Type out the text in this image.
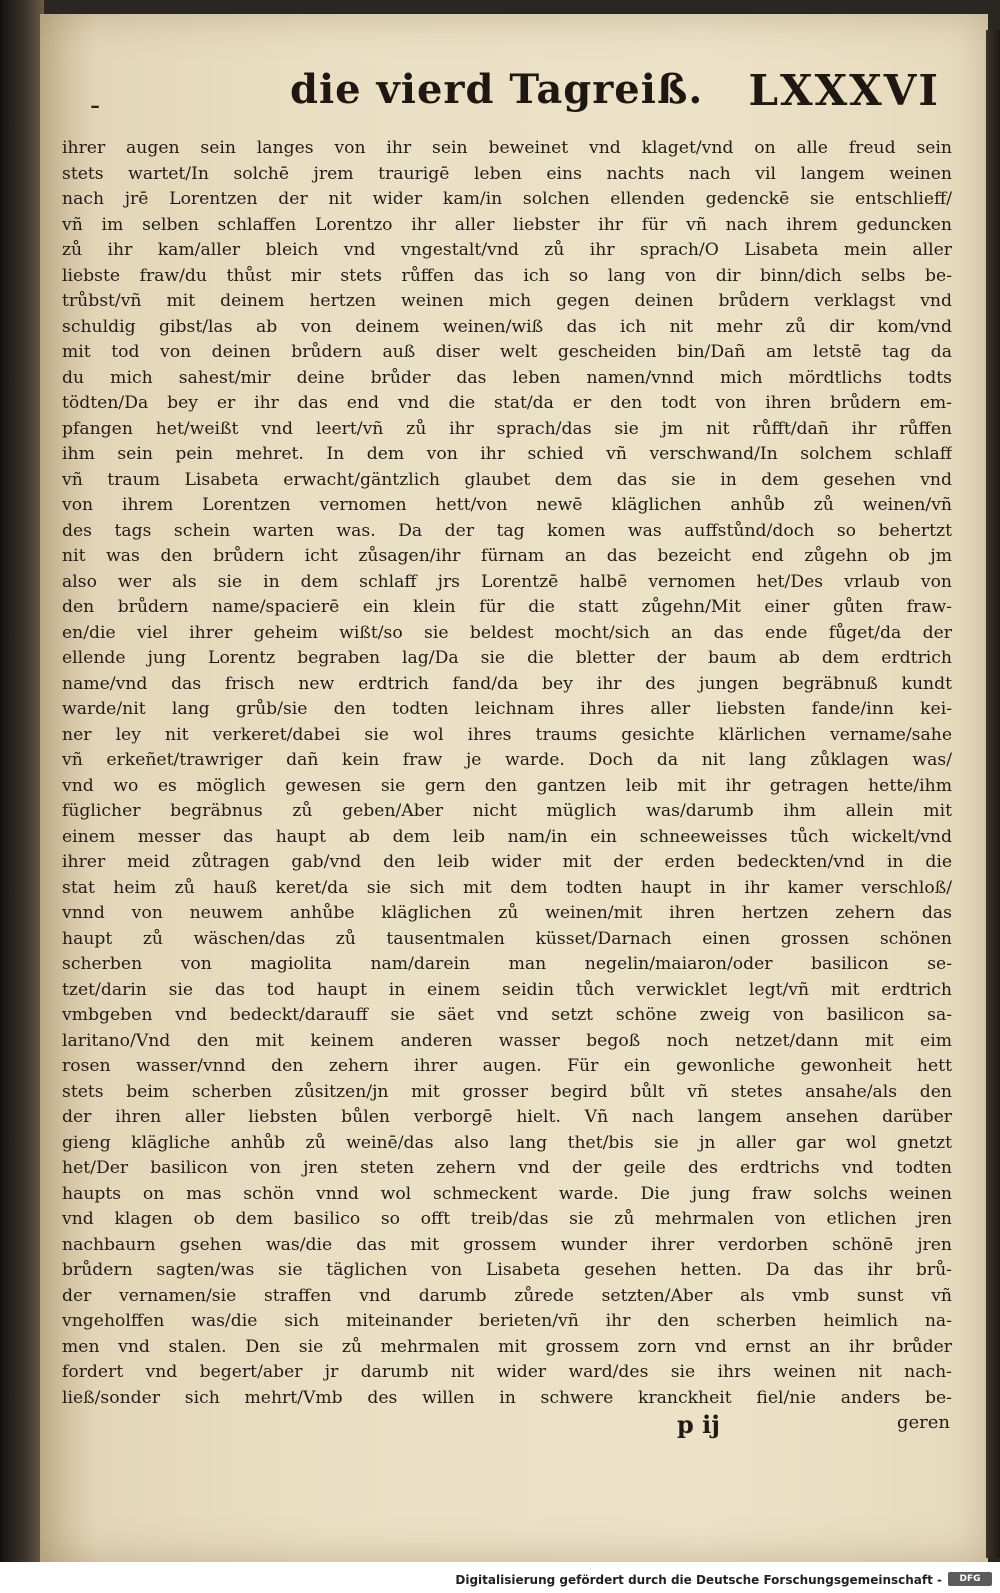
-	die vierd Tagreiß. LXXXVI
ihrer augen sein langes von ihr sein beweinet vnd klaget/vnd on alle freud sein
stets wartet/In solchē jrem traurigē leben eins nachts nach vil langem weinen
nach jrē Lorentzen der nit wider kam/in solchen ellenden gedenckē sie entschlieff/
vñ im selben schlaffen Lorentzo ihr aller liebster ihr für vñ nach ihrem geduncken
zů ihr kam/aller bleich vnd vngestalt/vnd zů ihr sprach/O Lisabeta mein aller
liebste fraw/du thůst mir stets růffen das ich so lang von dir binn/dich selbs be-
trůbst/vñ mit deinem hertzen weinen mich gegen deinen brůdern verklagst vnd
schuldig gibst/las ab von deinem weinen/wiß das ich nit mehr zů dir kom/vnd
mit tod von deinen brůdern auß diser welt gescheiden bin/Dañ am letstē tag da
du mich sahest/mir deine brůder das leben namen/vnnd mich mördtlichs todts
tödten/Da bey er ihr das end vnd die stat/da er den todt von ihren brůdern em-
pfangen het/weißt vnd leert/vñ zů ihr sprach/das sie jm nit růfft/dañ ihr růffen
ihm sein pein mehret. In dem von ihr schied vñ verschwand/In solchem schlaff
vñ traum Lisabeta erwacht/gäntzlich glaubet dem das sie in dem gesehen vnd
von ihrem Lorentzen vernomen hett/von newē kläglichen anhůb zů weinen/vñ
des tags schein warten was. Da der tag komen was auffstůnd/doch so behertzt
nit was den brůdern icht zůsagen/ihr fürnam an das bezeicht end zůgehn ob jm
also wer als sie in dem schlaff jrs Lorentzē halbē vernomen het/Des vrlaub von
den brůdern name/spacierē ein klein für die statt zůgehn/Mit einer gůten fraw-
en/die viel ihrer geheim wißt/so sie beldest mocht/sich an das ende fůget/da der
ellende jung Lorentz begraben lag/Da sie die bletter der baum ab dem erdtrich
name/vnd das frisch new erdtrich fand/da bey ihr des jungen begräbnuß kundt
warde/nit lang grůb/sie den todten leichnam ihres aller liebsten fande/inn kei-
ner ley nit verkeret/dabei sie wol ihres traums gesichte klärlichen vername/sahe
vñ erkeñet/trawriger dañ kein fraw je warde. Doch da nit lang zůklagen was/
vnd wo es möglich gewesen sie gern den gantzen leib mit ihr getragen hette/ihm
füglicher begräbnus zů geben/Aber nicht müglich was/darumb ihm allein mit
einem messer das haupt ab dem leib nam/in ein schneeweisses tůch wickelt/vnd
ihrer meid zůtragen gab/vnd den leib wider mit der erden bedeckten/vnd in die
stat heim zů hauß keret/da sie sich mit dem todten haupt in ihr kamer verschloß/
vnnd von neuwem anhůbe kläglichen zů weinen/mit ihren hertzen zehern das
haupt zů wäschen/das zů tausentmalen küsset/Darnach einen grossen schönen
scherben von magiolita nam/darein man negelin/maiaron/oder basilicon se-
tzet/darin sie das tod haupt in einem seidin tůch verwicklet legt/vñ mit erdtrich
vmbgeben vnd bedeckt/darauff sie säet vnd setzt schöne zweig von basilicon sa-
laritano/Vnd den mit keinem anderen wasser begoß noch netzet/dann mit eim
rosen wasser/vnnd den zehern ihrer augen. Für ein gewonliche gewonheit hett
stets beim scherben zůsitzen/jn mit grosser begird bůlt vñ stetes ansahe/als den
der ihren aller liebsten bůlen verborgē hielt. Vñ nach langem ansehen darüber
gieng klägliche anhůb zů weinē/das also lang thet/bis sie jn aller gar wol gnetzt
het/Der basilicon von jren steten zehern vnd der geile des erdtrichs vnd todten
haupts on mas schön vnnd wol schmeckent warde. Die jung fraw solchs weinen
vnd klagen ob dem basilico so offt treib/das sie zů mehrmalen von etlichen jren
nachbaurn gsehen was/die das mit grossem wunder ihrer verdorben schönē jren
brůdern sagten/was sie täglichen von Lisabeta gesehen hetten. Da das ihr brů-
der vernamen/sie straffen vnd darumb zůrede setzten/Aber als vmb sunst vñ
vngeholffen was/die sich miteinander berieten/vñ ihr den scherben heimlich na-
men vnd stalen. Den sie zů mehrmalen mit grossem zorn vnd ernst an ihr brůder
fordert vnd begert/aber jr darumb nit wider ward/des sie ihrs weinen nit nach-
ließ/sonder sich mehrt/Vmb des willen in schwere kranckheit fiel/nie anders be-
p ij	geren
Digitalisierung gefördert durch die Deutsche Forschungsgemeinschaft -	DFG
